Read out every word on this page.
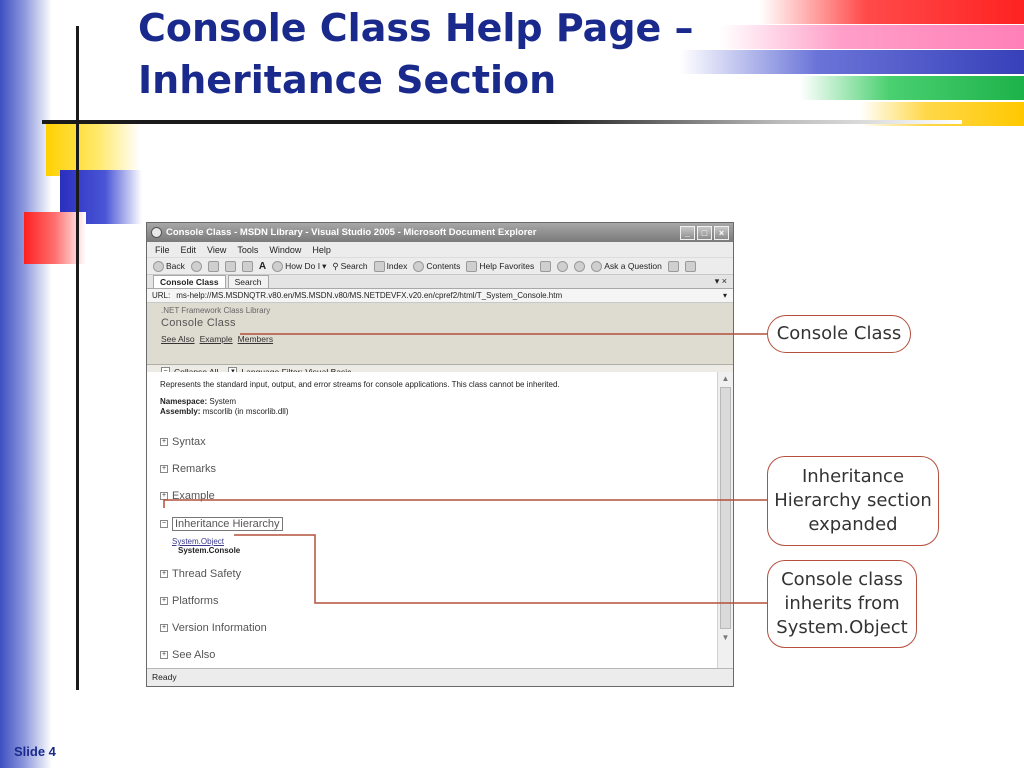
Console Class Help Page – Inheritance Section
Console Class - MSDN Library - Visual Studio 2005 - Microsoft Document Explorer	_	□	×
File Edit View Tools Window Help
Back	A How Do I ▾ ⚲ Search Index Contents Help Favorites	Ask a Question
Console Class	Search	▾ ×
URL: ms-help://MS.MSDNQTR.v80.en/MS.MSDN.v80/MS.NETDEVFX.v20.en/cpref2/html/T_System_Console.htm	▾
.NET Framework Class Library
Console Class
See Also Example Members
Represents the standard input, output, and error streams for console applications. This class cannot be inherited.
Namespace: System
Assembly: mscorlib (in mscorlib.dll)
+ Syntax
+ Remarks
+ Example
− Inheritance Hierarchy
System.Object
System.Console
+ Thread Safety
+ Platforms
+ Version Information
+ See Also
▲
▼
Ready
Console Class
Inheritance
Hierarchy section
expanded
Console class
inherits from
System.Object
Slide 4
